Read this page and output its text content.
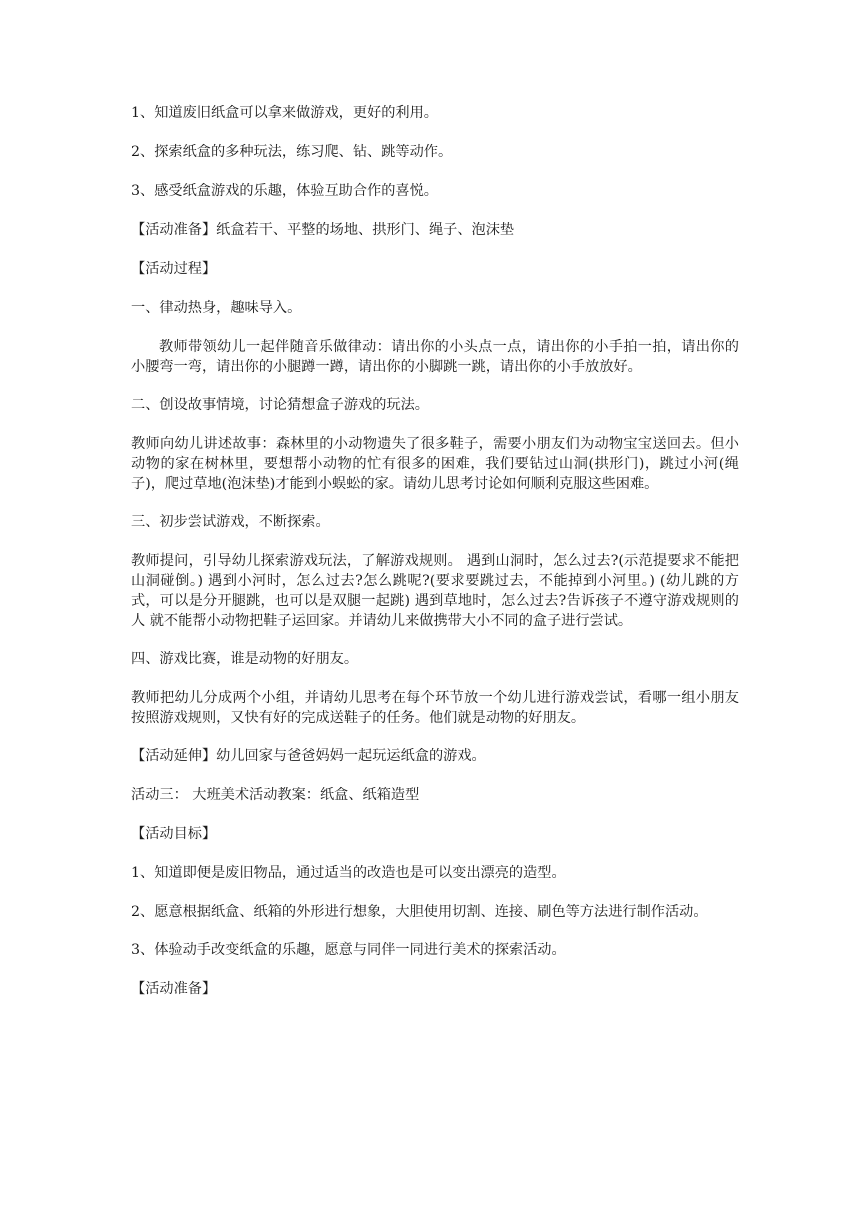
1、知道废旧纸盒可以拿来做游戏，更好的利用。

2、探索纸盒的多种玩法，练习爬、钻、跳等动作。

3、感受纸盒游戏的乐趣，体验互助合作的喜悦。

【活动准备】纸盒若干、平整的场地、拱形门、绳子、泡沫垫

【活动过程】

一、律动热身，趣味导入。

教师带领幼儿一起伴随音乐做律动：请出你的小头点一点，请出你的小手拍一拍，请出你的小腰弯一弯，请出你的小腿蹲一蹲，请出你的小脚跳一跳，请出你的小手放放好。

二、创设故事情境，讨论猜想盒子游戏的玩法。

教师向幼儿讲述故事：森林里的小动物遗失了很多鞋子，需要小朋友们为动物宝宝送回去。但小动物的家在树林里，要想帮小动物的忙有很多的困难，我们要钻过山洞(拱形门)，跳过小河(绳子)，爬过草地(泡沫垫)才能到小蜈蚣的家。请幼儿思考讨论如何顺利克服这些困难。

三、初步尝试游戏，不断探索。

教师提问，引导幼儿探索游戏玩法，了解游戏规则。 遇到山洞时，怎么过去?(示范提要求不能把山洞碰倒。) 遇到小河时，怎么过去?怎么跳呢?(要求要跳过去，不能掉到小河里。) (幼儿跳的方式，可以是分开腿跳，也可以是双腿一起跳) 遇到草地时，怎么过去?告诉孩子不遵守游戏规则的人 就不能帮小动物把鞋子运回家。并请幼儿来做携带大小不同的盒子进行尝试。

四、游戏比赛，谁是动物的好朋友。

教师把幼儿分成两个小组，并请幼儿思考在每个环节放一个幼儿进行游戏尝试，看哪一组小朋友按照游戏规则，又快有好的完成送鞋子的任务。他们就是动物的好朋友。

【活动延伸】幼儿回家与爸爸妈妈一起玩运纸盒的游戏。

活动三： 大班美术活动教案：纸盒、纸箱造型

【活动目标】

1、知道即便是废旧物品，通过适当的改造也是可以变出漂亮的造型。

2、愿意根据纸盒、纸箱的外形进行想象，大胆使用切割、连接、刷色等方法进行制作活动。

3、体验动手改变纸盒的乐趣，愿意与同伴一同进行美术的探索活动。

【活动准备】
